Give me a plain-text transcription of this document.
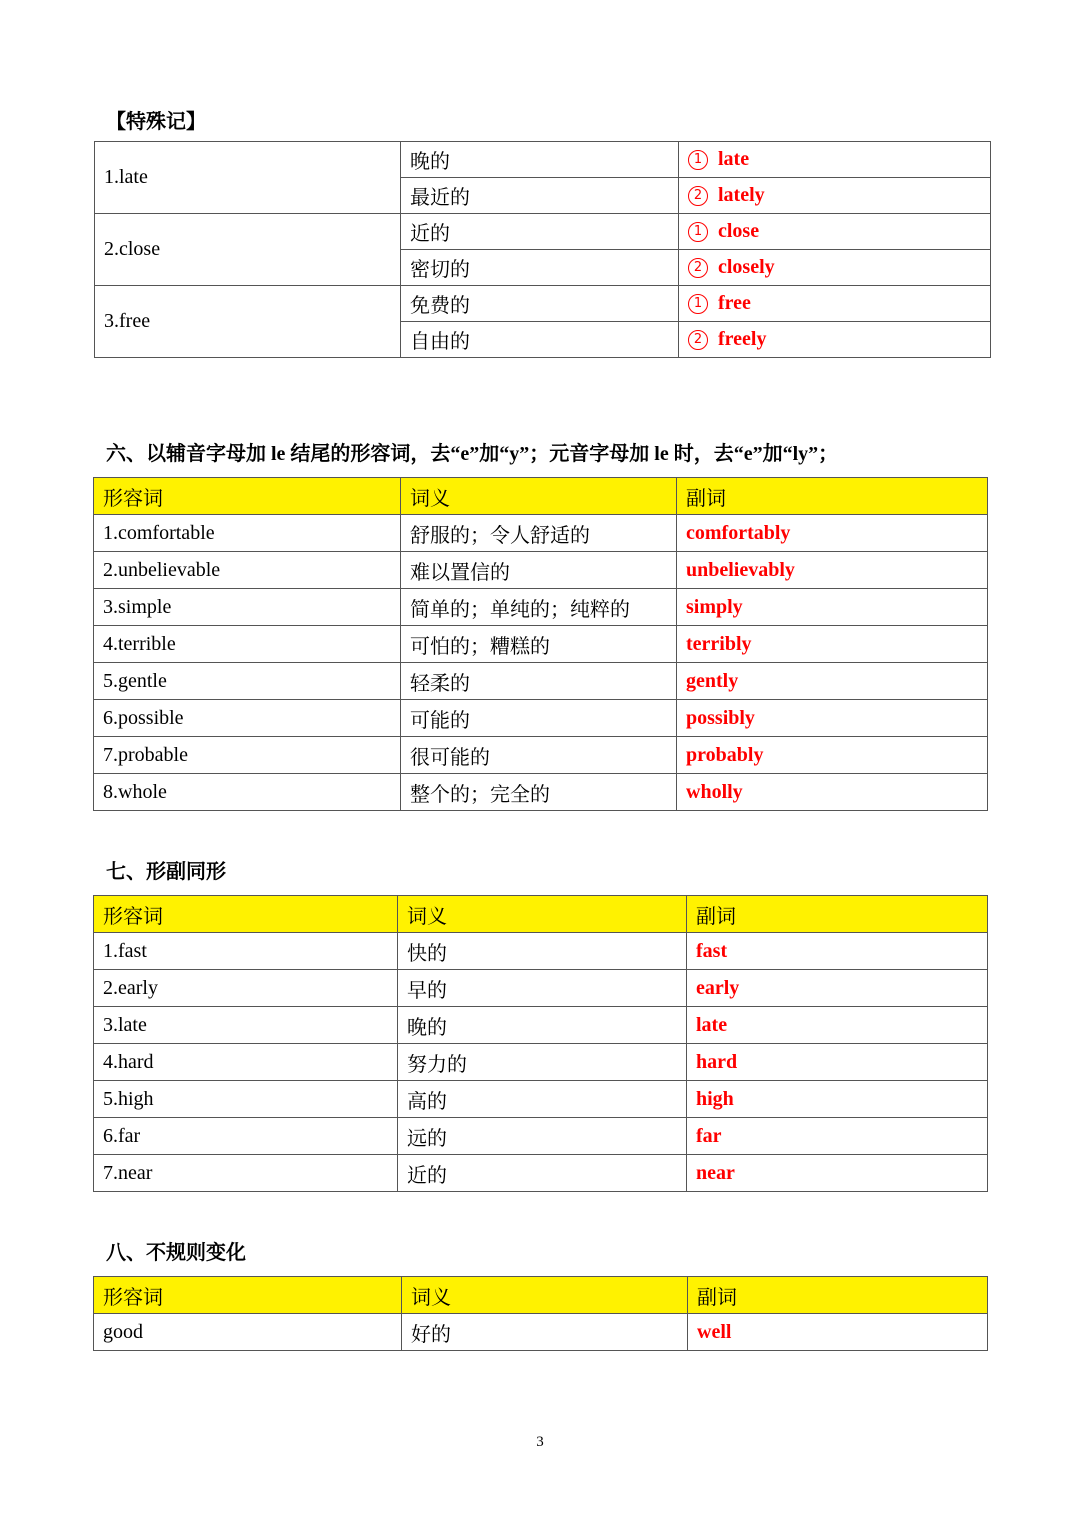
【特殊记】
1.late	晚的	1 late
	最近的	2 lately
2.close	近的	1 close
	密切的	2 closely
3.free	免费的	1 free
	自由的	2 freely
六、以辅音字母加 le 结尾的形容词，去“e”加“y”；元音字母加 le 时，去“e”加“ly”；
形容词	词义	副词
1.comfortable	舒服的；令人舒适的	comfortably
2.unbelievable	难以置信的	unbelievably
3.simple	简单的；单纯的；纯粹的	simply
4.terrible	可怕的；糟糕的	terribly
5.gentle	轻柔的	gently
6.possible	可能的	possibly
7.probable	很可能的	probably
8.whole	整个的；完全的	wholly
七、形副同形
形容词	词义	副词
1.fast	快的	fast
2.early	早的	early
3.late	晚的	late
4.hard	努力的	hard
5.high	高的	high
6.far	远的	far
7.near	近的	near
八、不规则变化
形容词	词义	副词
good	好的	well
3
